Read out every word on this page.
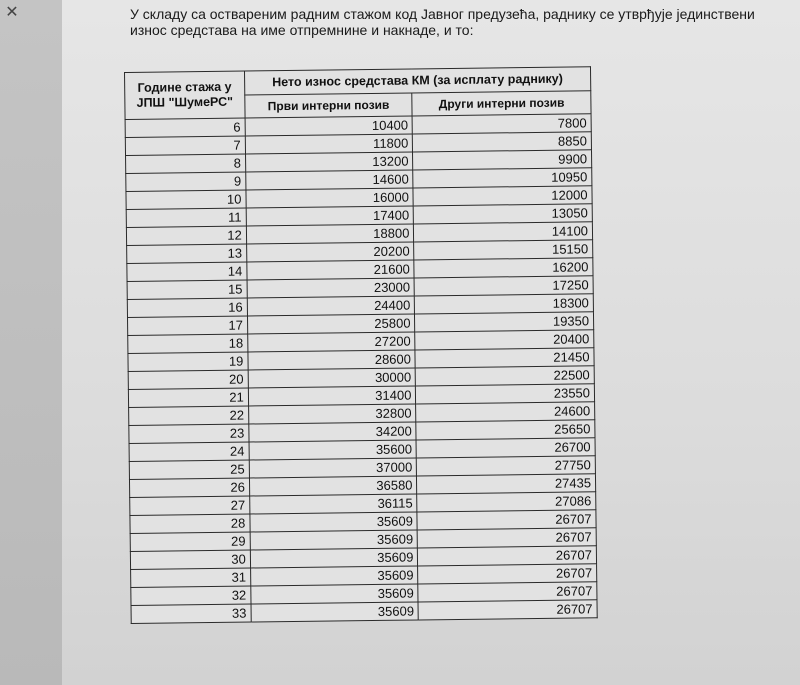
✕	У складу са оствареним радним стажом код Јавног предузећа, раднику се утврђује јединствени
износ средстава на име отпремнине и накнаде, и то:
Године стажа у ЈПШ "ШумеРС"	Нето износ средстава КМ (за исплату раднику)	
	Први интерни позив	Други интерни позив
6	10400	7800
7	11800	8850
8	13200	9900
9	14600	10950
10	16000	12000
11	17400	13050
12	18800	14100
13	20200	15150
14	21600	16200
15	23000	17250
16	24400	18300
17	25800	19350
18	27200	20400
19	28600	21450
20	30000	22500
21	31400	23550
22	32800	24600
23	34200	25650
24	35600	26700
25	37000	27750
26	36580	27435
27	36115	27086
28	35609	26707
29	35609	26707
30	35609	26707
31	35609	26707
32	35609	26707
33	35609	26707
